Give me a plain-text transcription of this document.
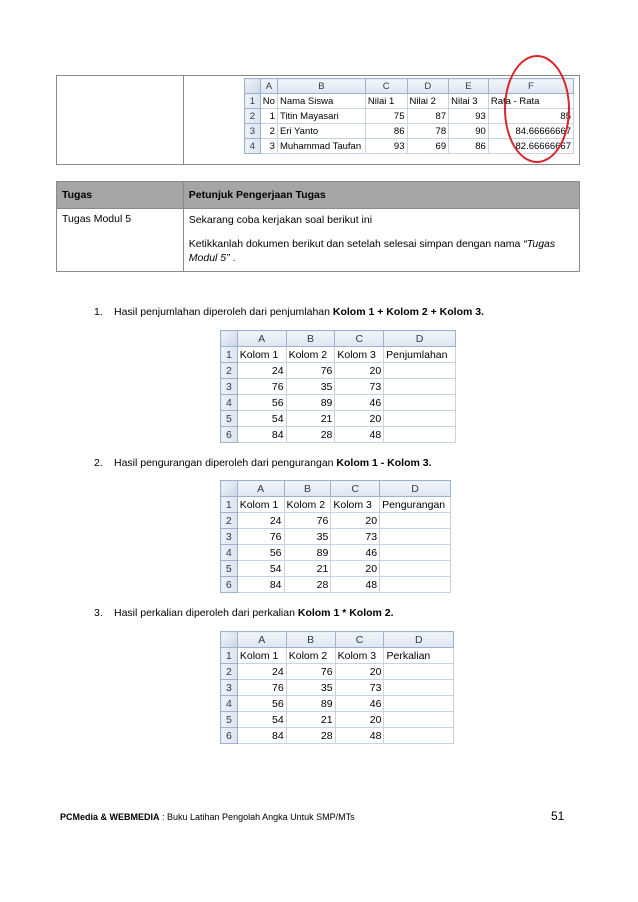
	A	B	C	D	E	F
1	No	Nama Siswa	Nilai 1	Nilai 2	Nilai 3	Rata - Rata
2	1	Titin Mayasari	75	87	93	85
3	2	Eri Yanto	86	78	90	84.66666667
4	3	Muhammad Taufan	93	69	86	82.66666667
Tugas	Petunjuk Pengerjaan Tugas
Tugas Modul 5	Sekarang coba kerjakan soal berikut ini

Ketikkanlah dokumen berikut dan setelah selesai simpan dengan nama “Tugas Modul 5” .

1. Hasil penjumlahan diperoleh dari penjumlahan Kolom 1 + Kolom 2 + Kolom 3.
2. Hasil pengurangan diperoleh dari pengurangan Kolom 1 - Kolom 3.
3. Hasil perkalian diperoleh dari perkalian Kolom 1 * Kolom 2.
	A	B	C	D
1	Kolom 1	Kolom 2	Kolom 3	Penjumlahan
2	24	76	20	
3	76	35	73	
4	56	89	46	
5	54	21	20	
6	84	28	48	
	A	B	C	D
1	Kolom 1	Kolom 2	Kolom 3	Pengurangan
2	24	76	20	
3	76	35	73	
4	56	89	46	
5	54	21	20	
6	84	28	48	
	A	B	C	D
1	Kolom 1	Kolom 2	Kolom 3	Perkalian
2	24	76	20	
3	76	35	73	
4	56	89	46	
5	54	21	20	
6	84	28	48	
PCMedia & WEBMEDIA : Buku Latihan Pengolah Angka Untuk SMP/MTs	51
